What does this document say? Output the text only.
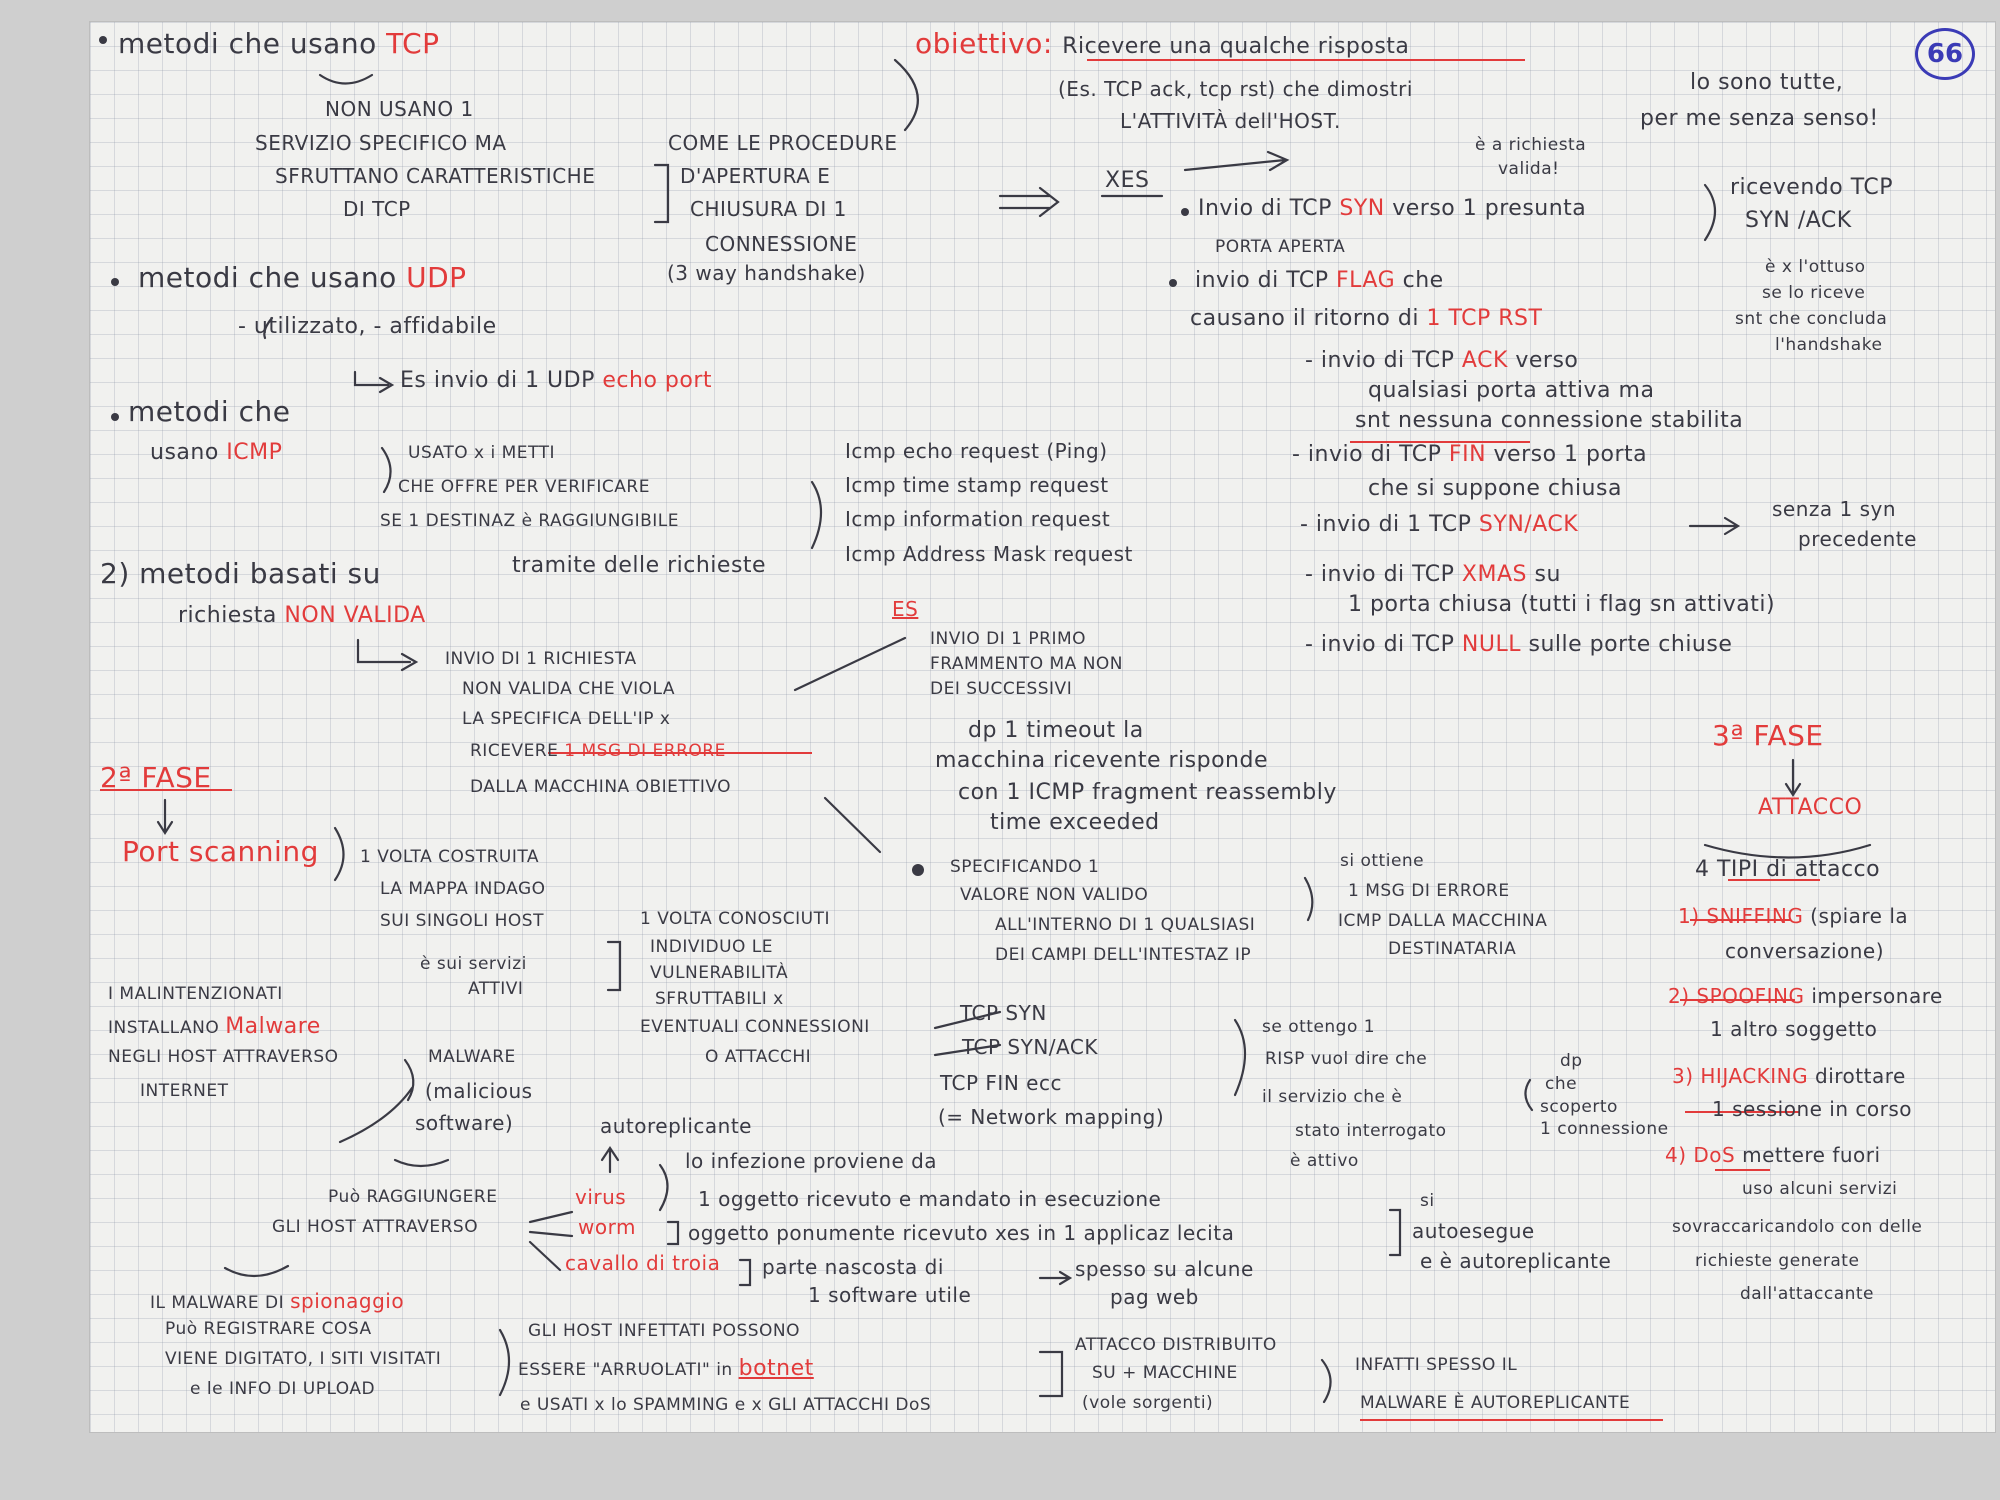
66
metodi che usano TCP
NON USANO 1
SERVIZIO SPECIFICO MA
SFRUTTANO CARATTERISTICHE
DI TCP
COME LE PROCEDURE
D'APERTURA E
CHIUSURA DI 1
CONNESSIONE
(3 way handshake)
metodi che usano UDP
- utilizzato, - affidabile
Es invio di 1 UDP echo port
metodi che
usano ICMP	USATO x i METTI
CHE OFFRE PER VERIFICARE
SE 1 DESTINAZ è RAGGIUNGIBILE
tramite delle richieste
Icmp echo request (Ping)
Icmp time stamp request
Icmp information request
Icmp Address Mask request
2) metodi basati su
richiesta NON VALIDA
INVIO DI 1 RICHIESTA
NON VALIDA CHE VIOLA
LA SPECIFICA DELL'IP x
RICEVERE 1 MSG DI ERRORE
DALLA MACCHINA OBIETTIVO
obiettivo: Ricevere una qualche risposta
(Es. TCP ack, tcp rst) che dimostri
L'ATTIVITÀ dell'HOST.
lo sono tutte,
per me senza senso!
è a richiesta
valida!
XES
Invio di TCP SYN verso 1 presunta
PORTA APERTA
ricevendo TCP
SYN /ACK
è x l'ottuso
se lo riceve
snt che concluda
l'handshake
invio di TCP FLAG che
causano il ritorno di 1 TCP RST
- invio di TCP ACK verso
qualsiasi porta attiva ma
snt nessuna connessione stabilita
- invio di TCP FIN verso 1 porta
che si suppone chiusa
- invio di 1 TCP SYN/ACK
senza 1 syn
precedente
- invio di TCP XMAS su
1 porta chiusa (tutti i flag sn attivati)
- invio di TCP NULL sulle porte chiuse
ES
INVIO DI 1 PRIMO
FRAMMENTO MA NON
DEI SUCCESSIVI
dp 1 timeout la
macchina ricevente risponde
con 1 ICMP fragment reassembly
time exceeded
SPECIFICANDO 1
VALORE NON VALIDO
ALL'INTERNO DI 1 QUALSIASI
DEI CAMPI DELL'INTESTAZ IP
si ottiene
1 MSG DI ERRORE
ICMP DALLA MACCHINA
DESTINATARIA
2ª FASE
Port scanning 1 VOLTA COSTRUITA
LA MAPPA INDAGO
SUI SINGOLI HOST
è sui servizi
ATTIVI
1 VOLTA CONOSCIUTI
INDIVIDUO LE
VULNERABILITÀ
SFRUTTABILI x
EVENTUALI CONNESSIONI
O ATTACCHI
TCP SYN
TCP SYN/ACK
TCP FIN ecc
(= Network mapping)
se ottengo 1
RISP vuol dire che
il servizio che è
stato interrogato
è attivo
dp
che
scoperto
1 connessione
I MALINTENZIONATI
INSTALLANO Malware
NEGLI HOST ATTRAVERSO
INTERNET
MALWARE
(malicious
software)	autoreplicante
lo infezione proviene da
1 oggetto ricevuto e mandato in esecuzione
oggetto ponumente ricevuto xes in 1 applicaz lecita
parte nascosta di
1 software utile
spesso su alcune
pag web
si
autoesegue
e è autoreplicante
Può RAGGIUNGERE
GLI HOST ATTRAVERSO
virus
worm
cavallo di troia
IL MALWARE DI spionaggio
Può REGISTRARE COSA
VIENE DIGITATO, I SITI VISITATI
e le INFO DI UPLOAD
GLI HOST INFETTATI POSSONO
ESSERE "ARRUOLATI" in botnet
e USATI x lo SPAMMING e x GLI ATTACCHI DoS
ATTACCO DISTRIBUITO
SU + MACCHINE
(vole sorgenti)
INFATTI SPESSO IL
MALWARE È AUTOREPLICANTE
3ª FASE
ATTACCO
4 TIPI di attacco
1) SNIFFING (spiare la
conversazione)
2) SPOOFING impersonare
1 altro soggetto
3) HIJACKING dirottare
1 sessione in corso
4) DoS mettere fuori
uso alcuni servizi
sovraccaricandolo con delle
richieste generate
dall'attaccante
